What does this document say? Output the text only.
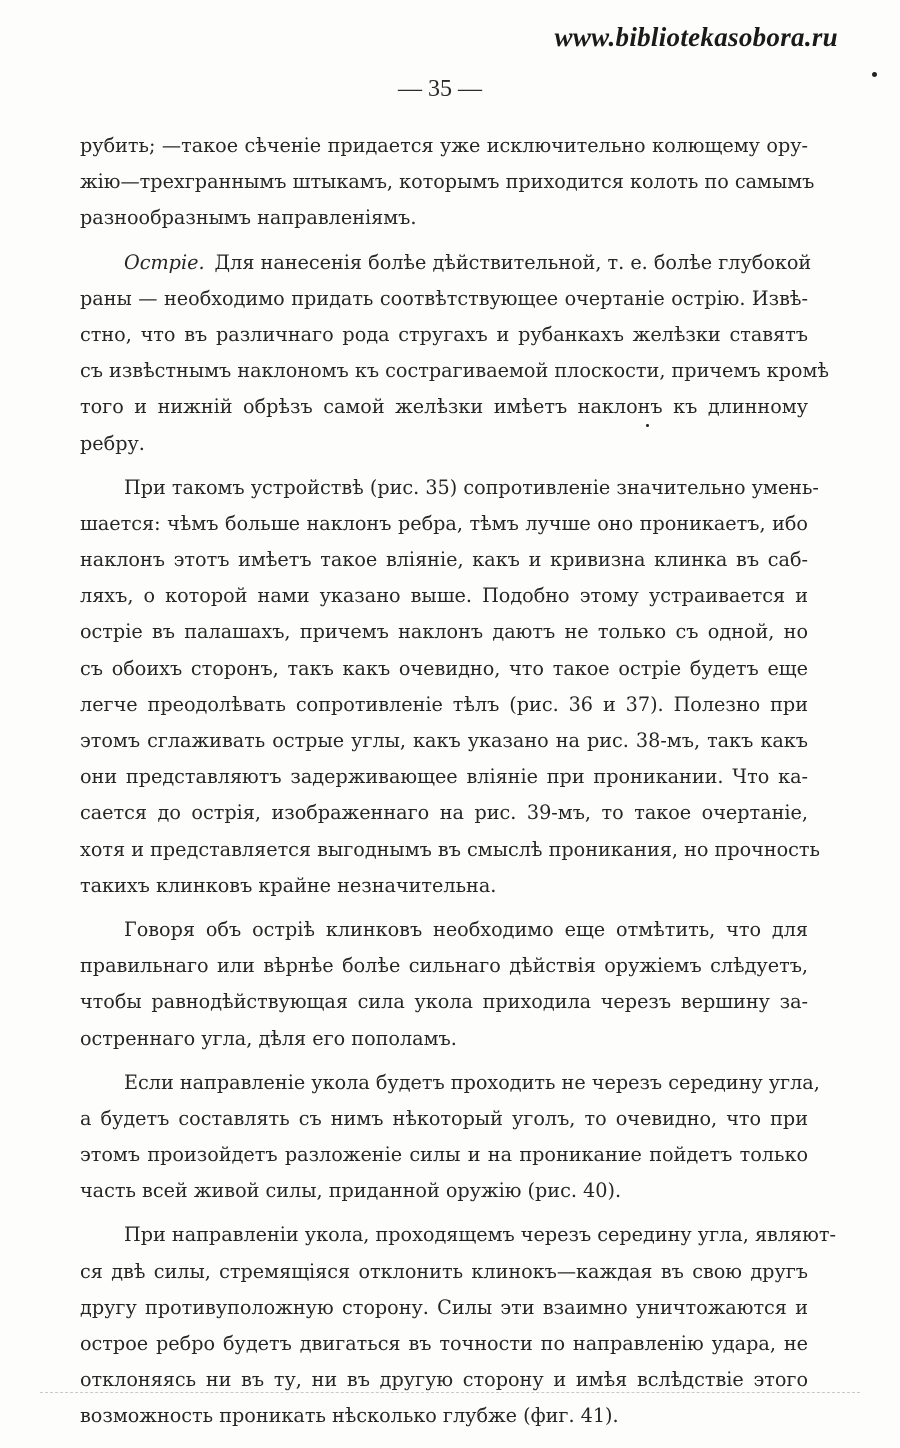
www.bibliotekasobora.ru
— 35 —
рубить; —такое сѣченіе придается уже исключительно колющему ору-
жію—трехграннымъ штыкамъ, которымъ приходится колоть по самымъ
разнообразнымъ направленіямъ.
Остріе. Для нанесенія болѣе дѣйствительной, т. е. болѣе глубокой
раны — необходимо придать соотвѣтствующее очертаніе острію. Извѣ-
стно, что въ различнаго рода стругахъ и рубанкахъ желѣзки ставятъ
съ извѣстнымъ наклономъ къ сострагиваемой плоскости, причемъ кромѣ
того и нижній обрѣзъ самой желѣзки имѣетъ наклонъ къ длинному
ребру.
При такомъ устройствѣ (рис. 35) сопротивленіе значительно умень-
шается: чѣмъ больше наклонъ ребра, тѣмъ лучше оно проникаетъ, ибо
наклонъ этотъ имѣетъ такое вліяніе, какъ и кривизна клинка въ саб-
ляхъ, о которой нами указано выше. Подобно этому устраивается и
остріе въ палашахъ, причемъ наклонъ даютъ не только съ одной, но
съ обоихъ сторонъ, такъ какъ очевидно, что такое остріе будетъ еще
легче преодолѣвать сопротивленіе тѣлъ (рис. 36 и 37). Полезно при
этомъ сглаживать острые углы, какъ указано на рис. 38-мъ, такъ какъ
они представляютъ задерживающее вліяніе при проникании. Что ка-
сается до острія, изображеннаго на рис. 39-мъ, то такое очертаніе,
хотя и представляется выгоднымъ въ смыслѣ проникания, но прочность
такихъ клинковъ крайне незначительна.
Говоря объ остріѣ клинковъ необходимо еще отмѣтить, что для
правильнаго или вѣрнѣе болѣе сильнаго дѣйствія оружіемъ слѣдуетъ,
чтобы равнодѣйствующая сила укола приходила черезъ вершину за-
остреннаго угла, дѣля его пополамъ.
Если направленіе укола будетъ проходить не черезъ середину угла,
а будетъ составлять съ нимъ нѣкоторый уголъ, то очевидно, что при
этомъ произойдетъ разложеніе силы и на проникание пойдетъ только
часть всей живой силы, приданной оружію (рис. 40).
При направленіи укола, проходящемъ черезъ середину угла, являют-
ся двѣ силы, стремящіяся отклонить клинокъ—каждая въ свою другъ
другу противуположную сторону. Силы эти взаимно уничтожаются и
острое ребро будетъ двигаться въ точности по направленію удара, не
отклоняясь ни въ ту, ни въ другую сторону и имѣя вслѣдствіе этого
возможность проникать нѣсколько глубже (фиг. 41).
